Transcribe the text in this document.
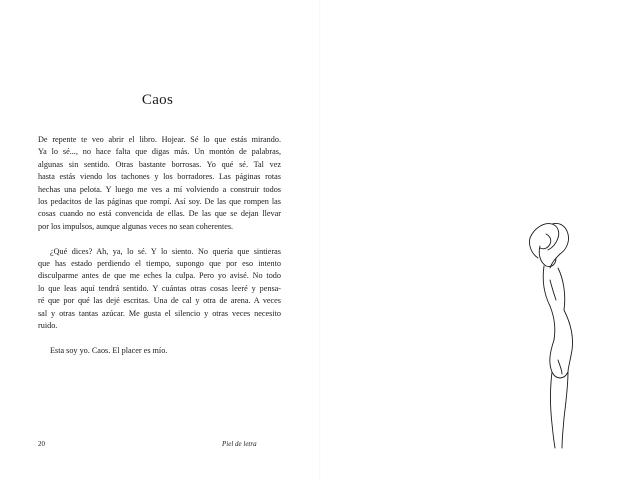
Caos

De repente te veo abrir el libro. Hojear. Sé lo que estás mirando.
Ya lo sé..., no hace falta que digas más. Un montón de palabras,
algunas sin sentido. Otras bastante borrosas. Yo qué sé. Tal vez
hasta estás viendo los tachones y los borradores. Las páginas rotas
hechas una pelota. Y luego me ves a mí volviendo a construir todos
los pedacitos de las páginas que rompí. Así soy. De las que rompen las
cosas cuando no está convencida de ellas. De las que se dejan llevar
por los impulsos, aunque algunas veces no sean coherentes.

¿Qué dices? Ah, ya, lo sé. Y lo siento. No quería que sintieras
que has estado perdiendo el tiempo, supongo que por eso intento
disculparme antes de que me eches la culpa. Pero yo avisé. No todo
lo que leas aquí tendrá sentido. Y cuántas otras cosas leeré y pensa-
ré que por qué las dejé escritas. Una de cal y otra de arena. A veces
sal y otras tantas azúcar. Me gusta el silencio y otras veces necesito
ruido.

Esta soy yo. Caos. El placer es mío.

20	Piel de letra
